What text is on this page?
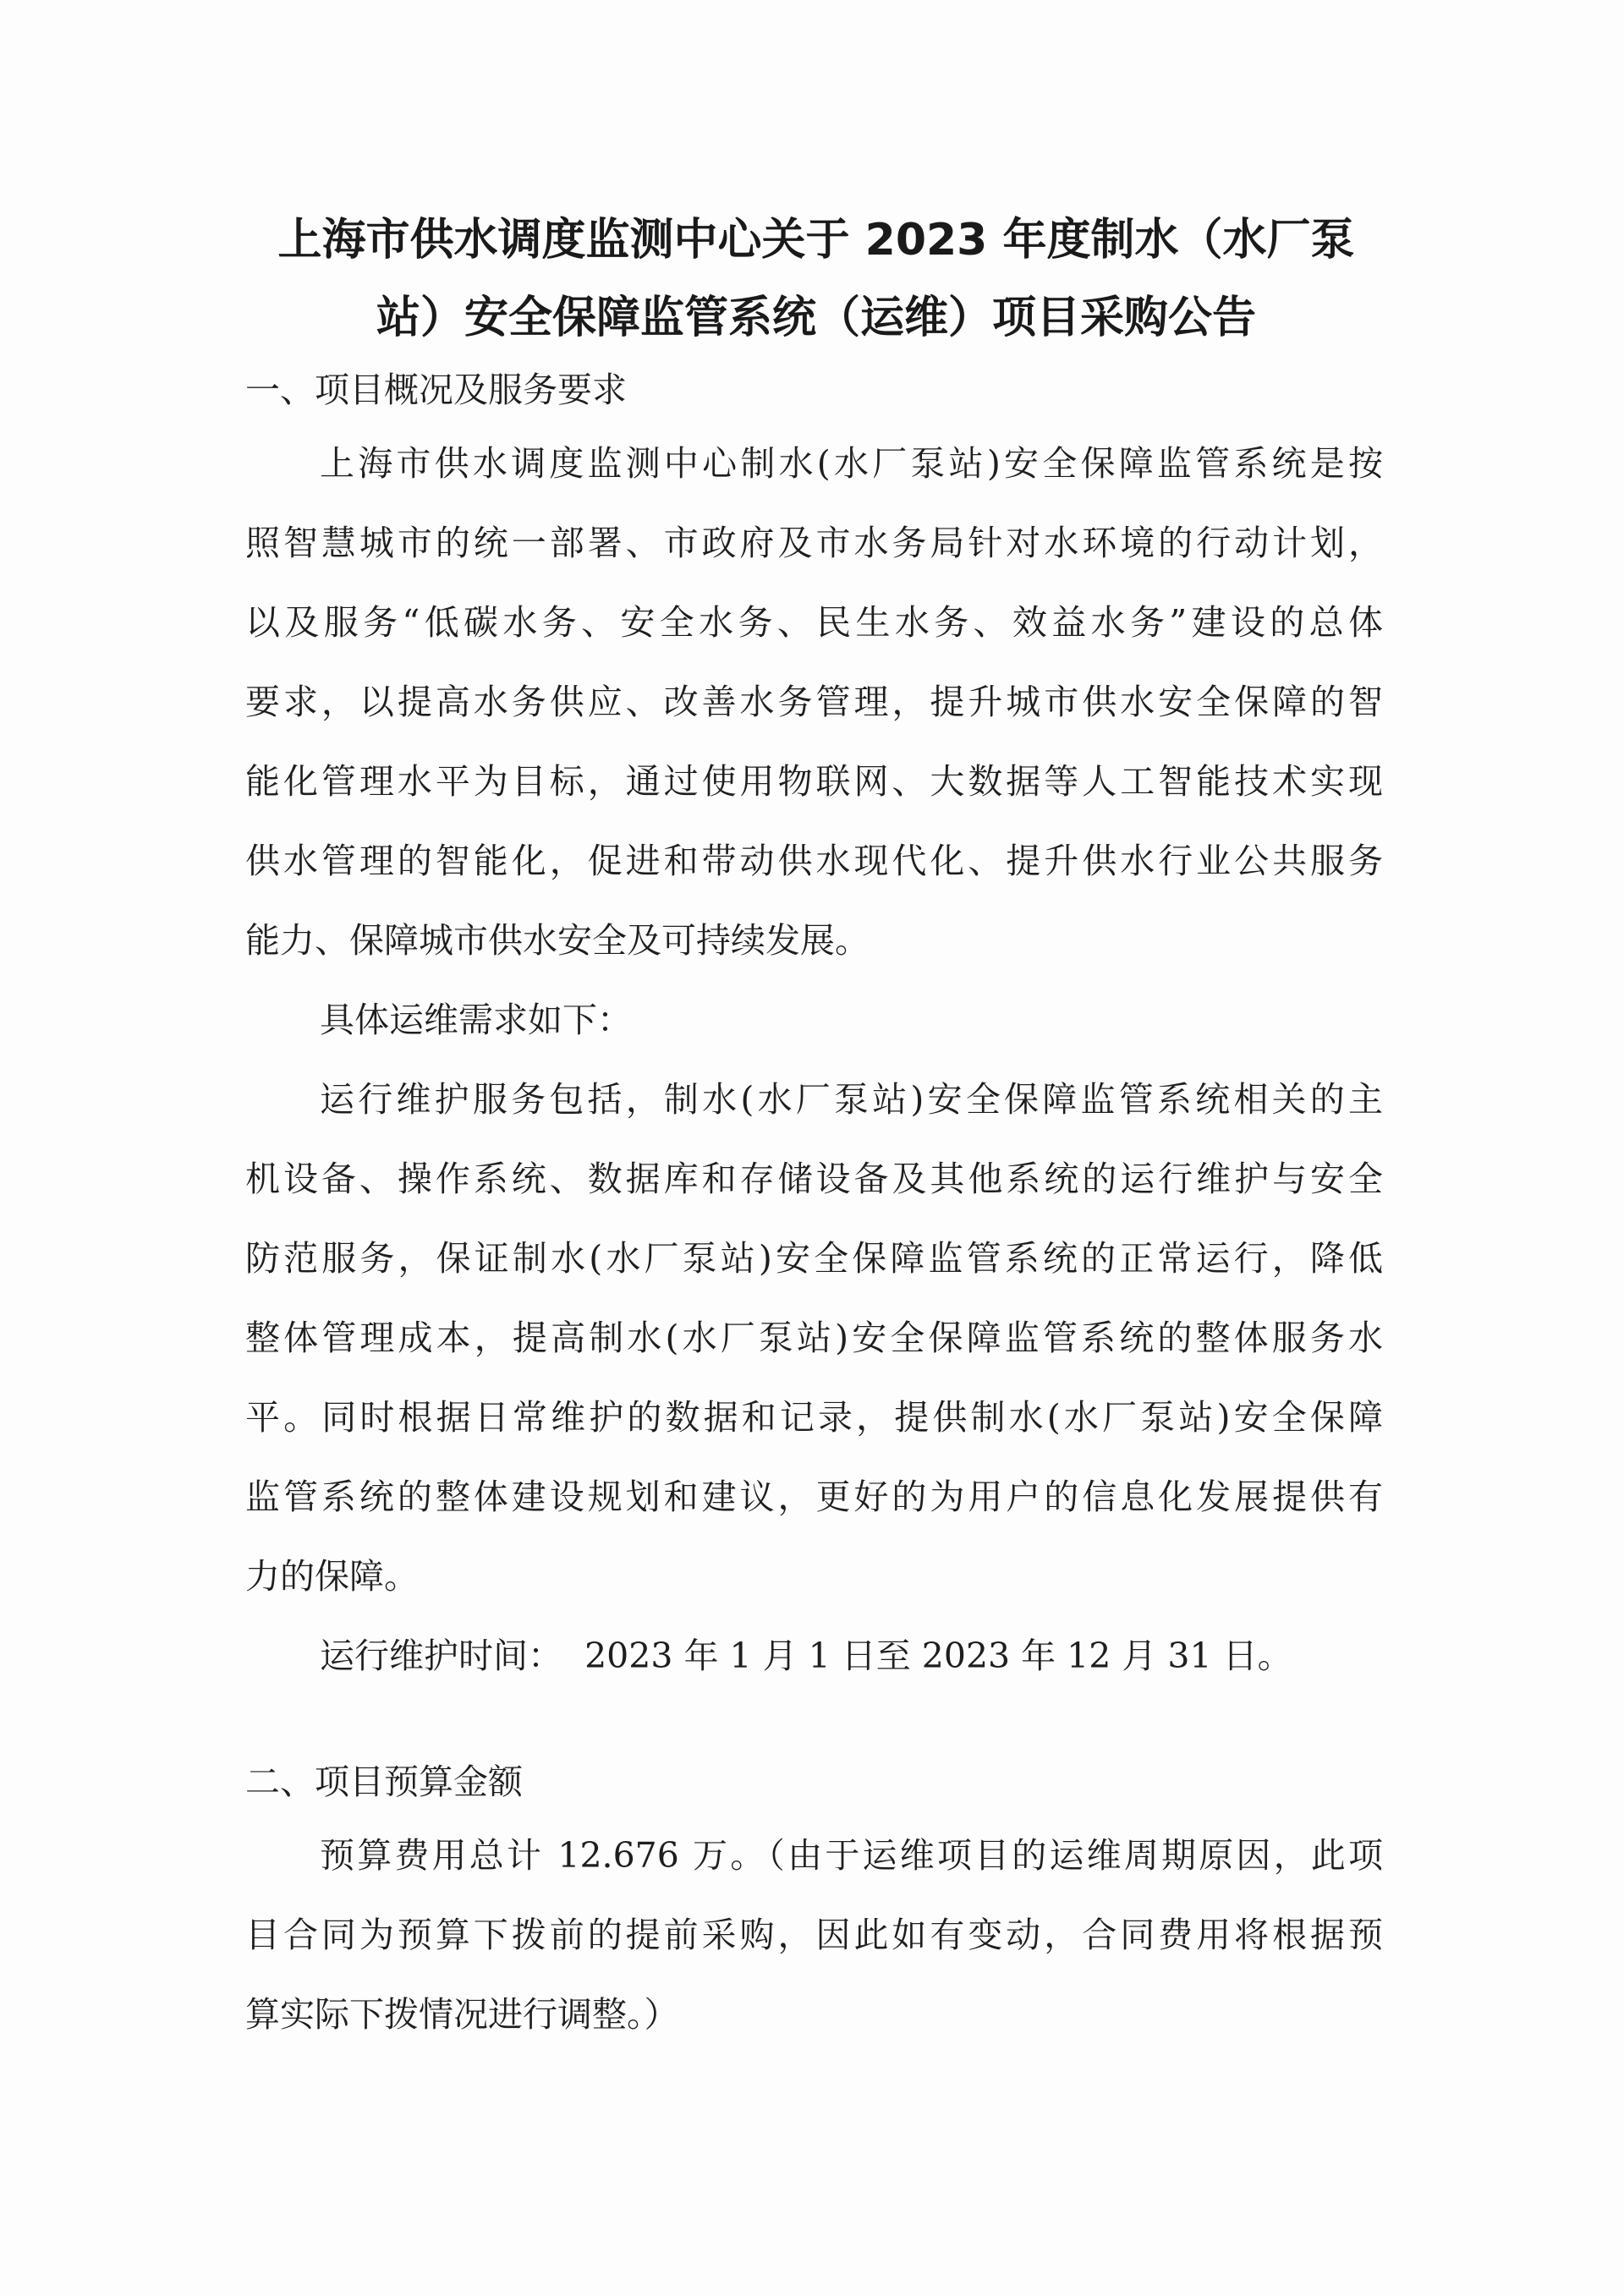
上海市供水调度监测中心关于 2023 年度制水（水厂泵
站）安全保障监管系统（运维）项目采购公告
一、项目概况及服务要求
上海市供水调度监测中心制水(水厂泵站)安全保障监管系统是按
照智慧城市的统一部署、市政府及市水务局针对水环境的行动计划，
以及服务“低碳水务、安全水务、民生水务、效益水务”建设的总体
要求，以提高水务供应、改善水务管理，提升城市供水安全保障的智
能化管理水平为目标，通过使用物联网、大数据等人工智能技术实现
供水管理的智能化，促进和带动供水现代化、提升供水行业公共服务
能力、保障城市供水安全及可持续发展。
具体运维需求如下：
运行维护服务包括，制水(水厂泵站)安全保障监管系统相关的主
机设备、操作系统、数据库和存储设备及其他系统的运行维护与安全
防范服务，保证制水(水厂泵站)安全保障监管系统的正常运行，降低
整体管理成本，提高制水(水厂泵站)安全保障监管系统的整体服务水
平。同时根据日常维护的数据和记录，提供制水(水厂泵站)安全保障
监管系统的整体建设规划和建议，更好的为用户的信息化发展提供有
力的保障。
运行维护时间：  2023 年 1 月 1 日至 2023 年 12 月 31 日。
二、项目预算金额
预算费用总计 12.676 万。（由于运维项目的运维周期原因，此项
目合同为预算下拨前的提前采购，因此如有变动，合同费用将根据预
算实际下拨情况进行调整。）
